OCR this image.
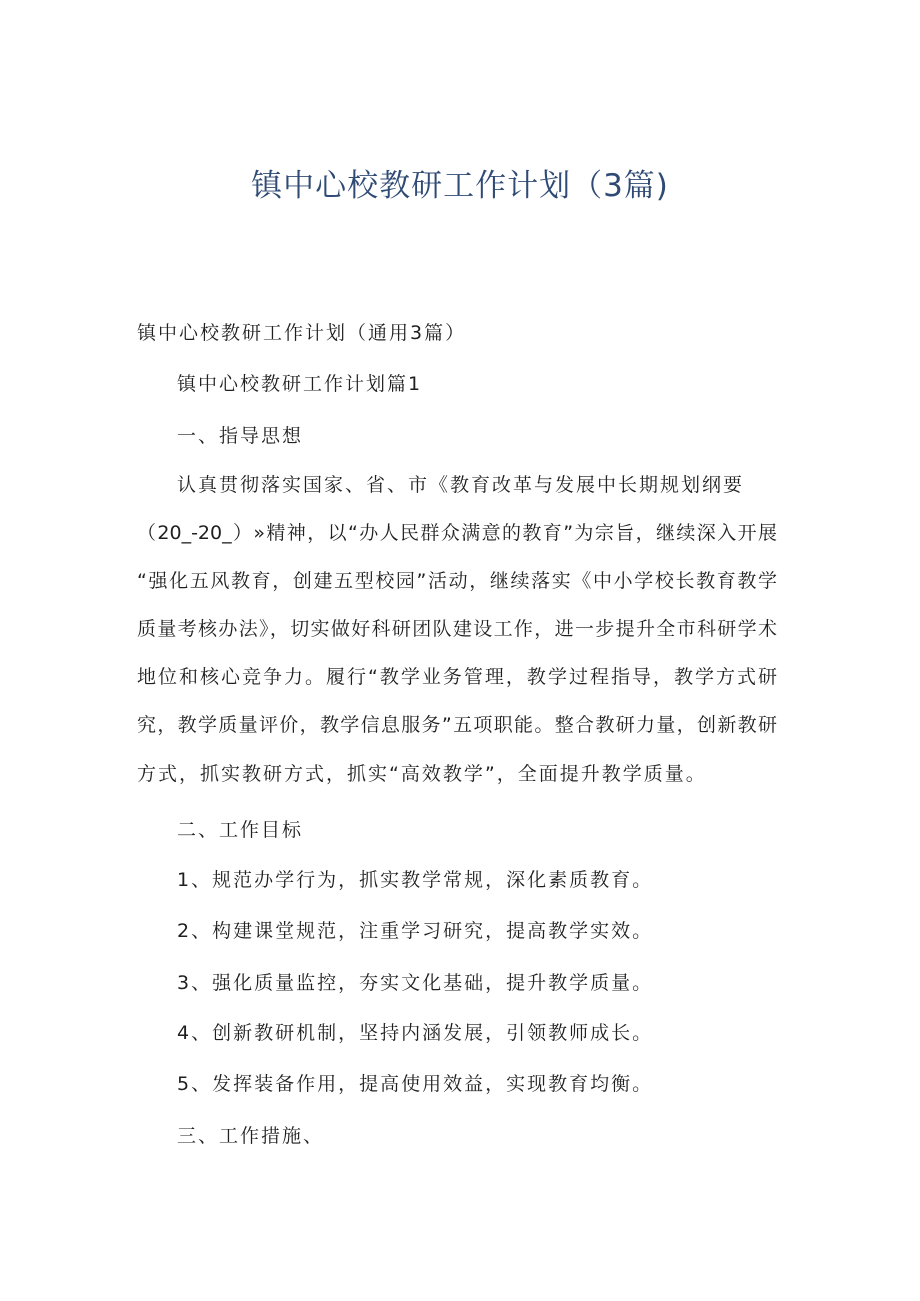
镇中心校教研工作计划（3篇)
镇中心校教研工作计划（通用3篇）
镇中心校教研工作计划篇1
一、指导思想
认真贯彻落实国家、省、市《教育改革与发展中长期规划纲要
（20_-20_）»精神，以“办人民群众满意的教育”为宗旨，继续深入开展
“强化五风教育，创建五型校园”活动，继续落实《中小学校长教育教学
质量考核办法》，切实做好科研团队建设工作，进一步提升全市科研学术
地位和核心竞争力。履行“教学业务管理，教学过程指导，教学方式研
究，教学质量评价，教学信息服务”五项职能。整合教研力量，创新教研
方式，抓实教研方式，抓实“高效教学”，全面提升教学质量。
二、工作目标
1、规范办学行为，抓实教学常规，深化素质教育。
2、构建课堂规范，注重学习研究，提高教学实效。
3、强化质量监控，夯实文化基础，提升教学质量。
4、创新教研机制，坚持内涵发展，引领教师成长。
5、发挥装备作用，提高使用效益，实现教育均衡。
三、工作措施、
